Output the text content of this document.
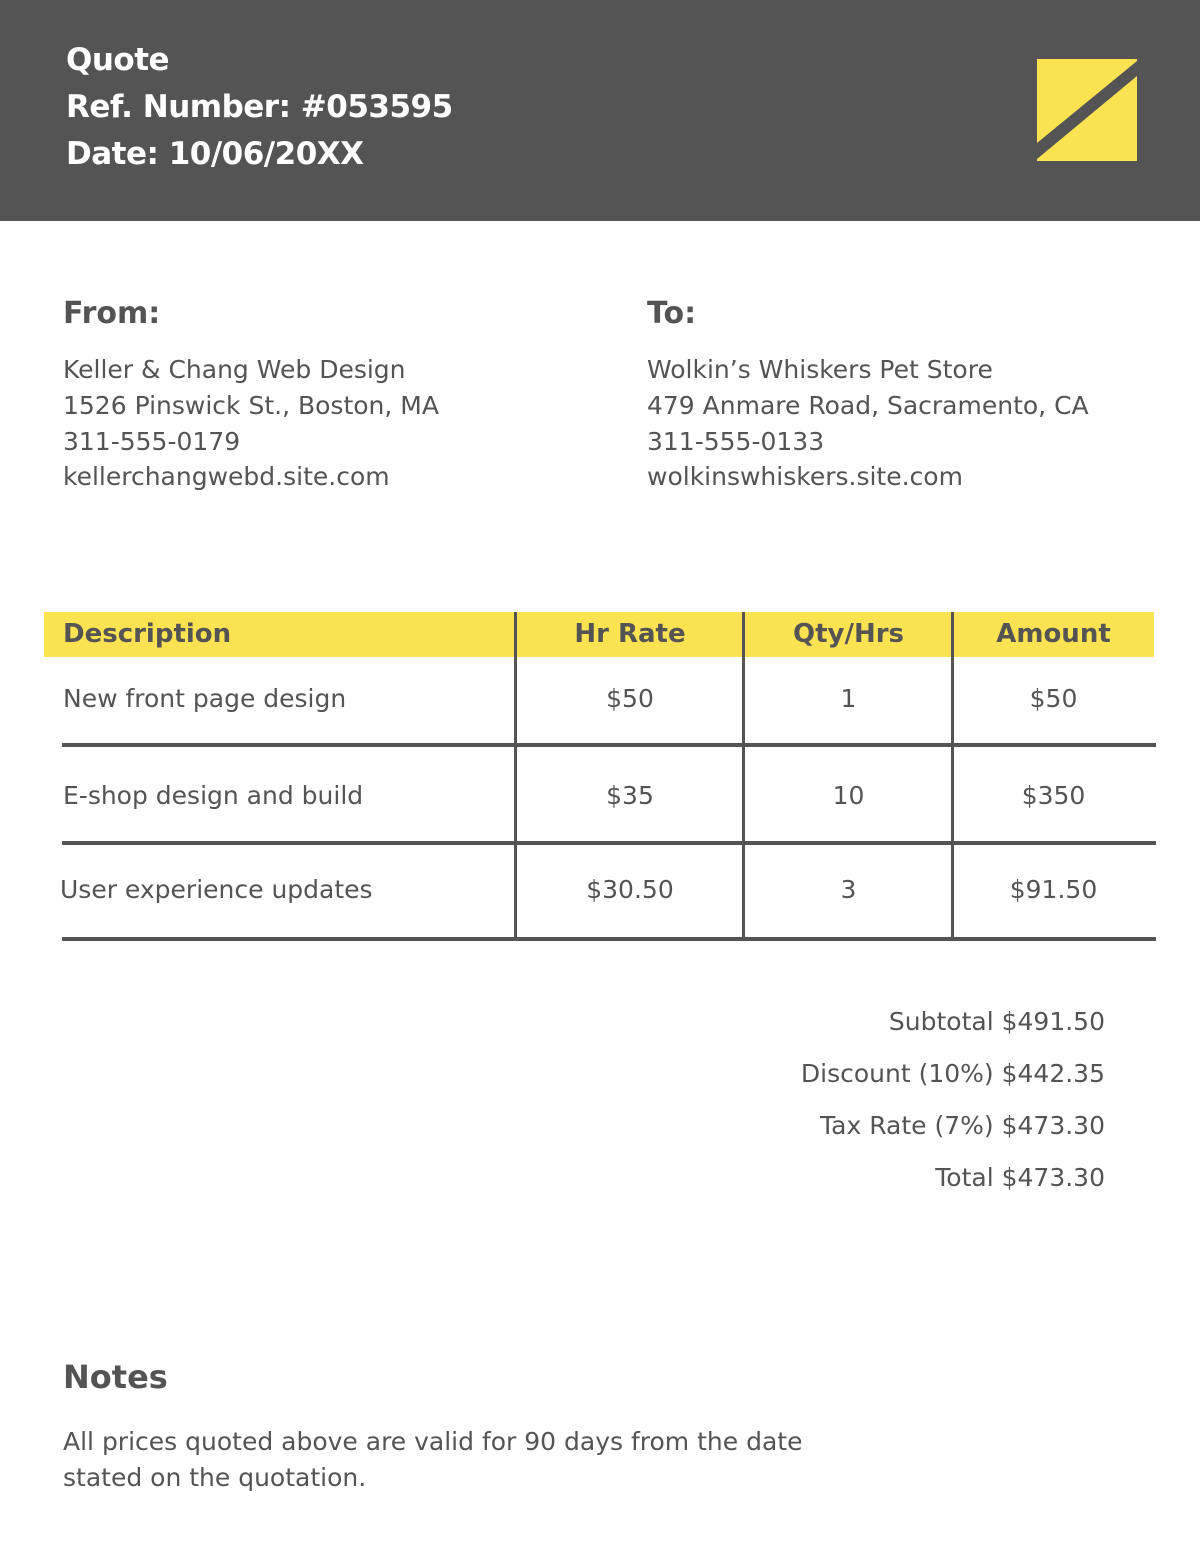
Quote
Ref. Number: #053595
Date: 10/06/20XX
From:
Keller & Chang Web Design
1526 Pinswick St., Boston, MA
311-555-0179
kellerchangwebd.site.com
To:
Wolkin’s Whiskers Pet Store
479 Anmare Road, Sacramento, CA
311-555-0133
wolkinswhiskers.site.com
Description	Hr Rate	Qty/Hrs	Amount
New front page design	$50	1	$50
E-shop design and build	$35	10	$350
User experience updates	$30.50	3	$91.50
Subtotal $491.50
Discount (10%) $442.35
Tax Rate (7%) $473.30
Total $473.30
Notes
All prices quoted above are valid for 90 days from the date stated on the quotation.
